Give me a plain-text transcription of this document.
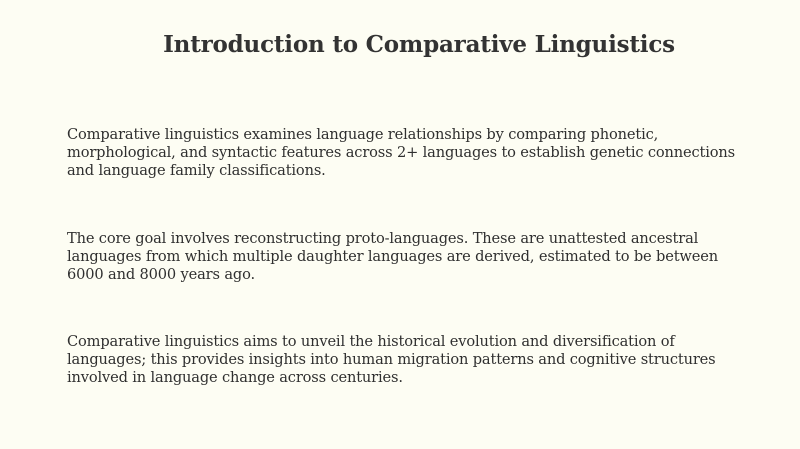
Introduction to Comparative Linguistics

Comparative linguistics examines language relationships by comparing phonetic, morphological, and syntactic features across 2+ languages to establish genetic connections and language family classifications.

The core goal involves reconstructing proto-languages. These are unattested ancestral languages from which multiple daughter languages are derived, estimated to be between 6000 and 8000 years ago.

Comparative linguistics aims to unveil the historical evolution and diversification of languages; this provides insights into human migration patterns and cognitive structures involved in language change across centuries.
